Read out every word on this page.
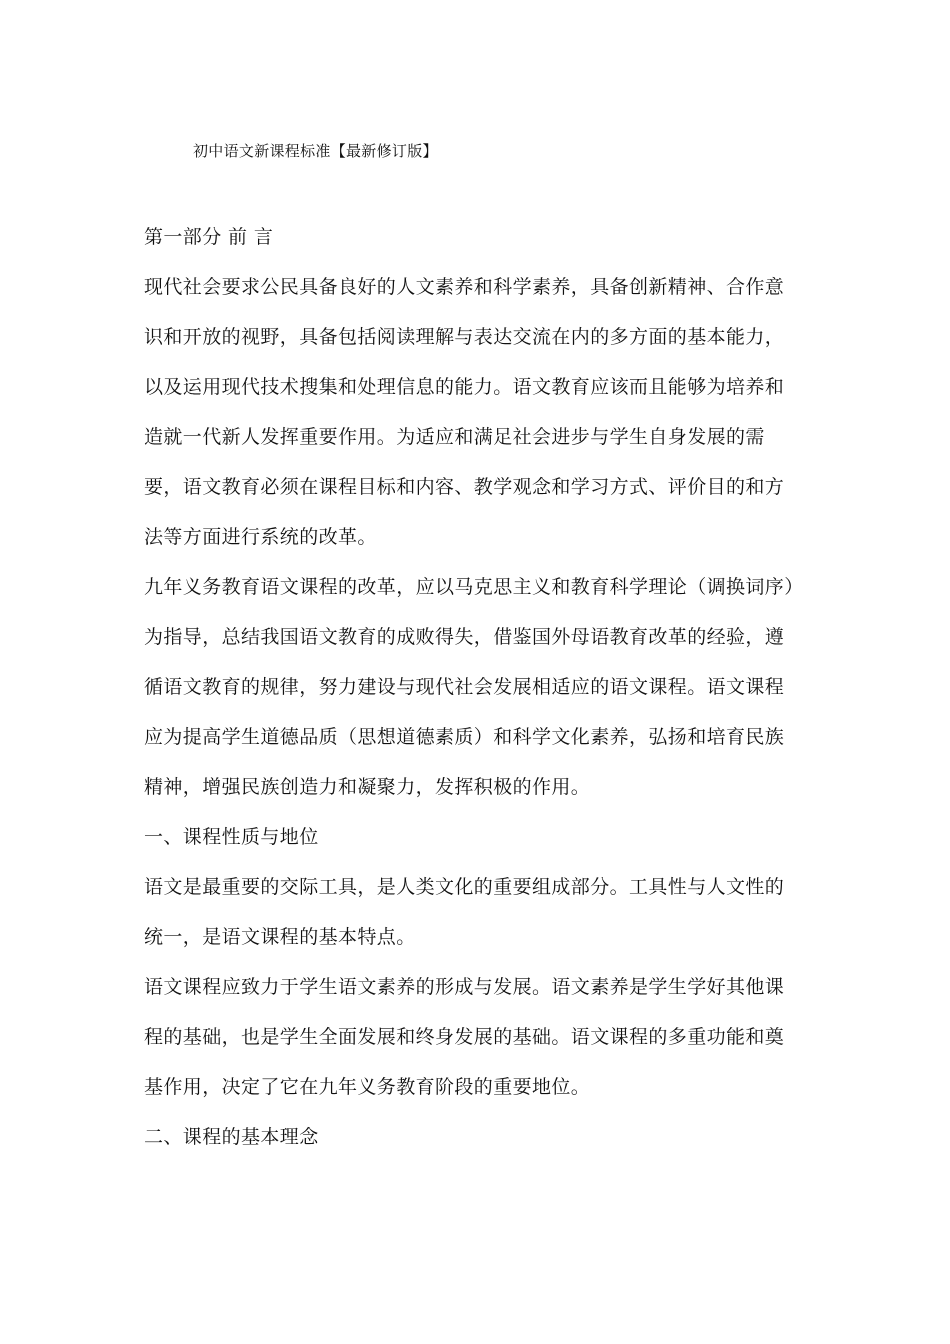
初中语文新课程标准【最新修订版】
第一部分 前 言
现代社会要求公民具备良好的人文素养和科学素养，具备创新精神、合作意
识和开放的视野，具备包括阅读理解与表达交流在内的多方面的基本能力，
以及运用现代技术搜集和处理信息的能力。语文教育应该而且能够为培养和
造就一代新人发挥重要作用。为适应和满足社会进步与学生自身发展的需
要，语文教育必须在课程目标和内容、教学观念和学习方式、评价目的和方
法等方面进行系统的改革。
九年义务教育语文课程的改革，应以马克思主义和教育科学理论（调换词序）
为指导，总结我国语文教育的成败得失，借鉴国外母语教育改革的经验，遵
循语文教育的规律，努力建设与现代社会发展相适应的语文课程。语文课程
应为提高学生道德品质（思想道德素质）和科学文化素养，弘扬和培育民族
精神，增强民族创造力和凝聚力，发挥积极的作用。
一、课程性质与地位
语文是最重要的交际工具，是人类文化的重要组成部分。工具性与人文性的
统一，是语文课程的基本特点。
语文课程应致力于学生语文素养的形成与发展。语文素养是学生学好其他课
程的基础，也是学生全面发展和终身发展的基础。语文课程的多重功能和奠
基作用，决定了它在九年义务教育阶段的重要地位。
二、课程的基本理念
